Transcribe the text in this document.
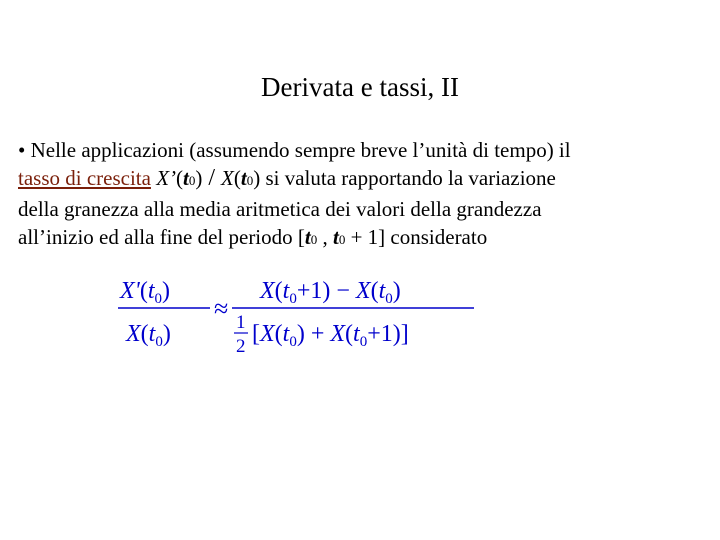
Derivata e tassi, II

• Nelle applicazioni (assumendo sempre breve l’unità di tempo) il

tasso di crescita X’(t0) / X(t0) si valuta rapportando la variazione

della granezza alla media aritmetica dei valori della grandezza

all’inizio ed alla fine del periodo [t0 , t0 + 1] considerato

$X'(t_0)$
$X(t_0)$
≈
$X(t_0+1) - X(t_0)$
1
2 $[X(t_0) + X(t_0+1)]$
